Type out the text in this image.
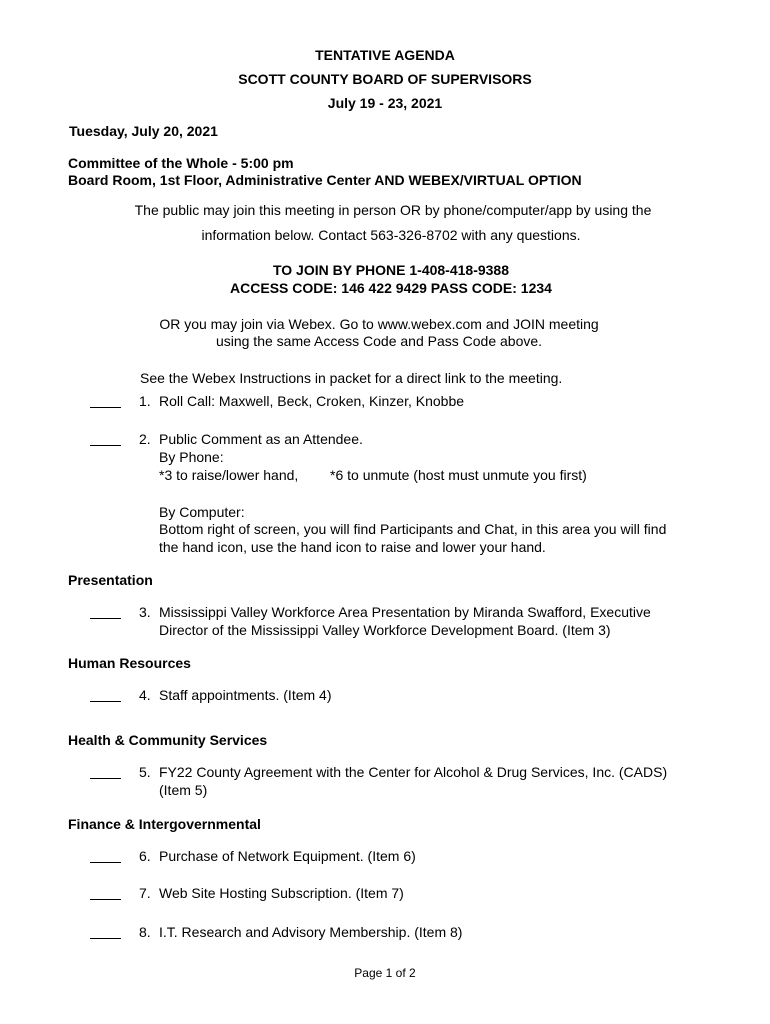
TENTATIVE AGENDA
SCOTT COUNTY BOARD OF SUPERVISORS
July 19 - 23, 2021
Tuesday, July 20, 2021
Committee of the Whole - 5:00 pm
Board Room, 1st Floor, Administrative Center AND WEBEX/VIRTUAL OPTION
The public may join this meeting in person OR by phone/computer/app by using the
information below. Contact 563-326-8702 with any questions.
TO JOIN BY PHONE 1-408-418-9388
ACCESS CODE: 146 422 9429 PASS CODE: 1234
OR you may join via Webex. Go to www.webex.com and JOIN meeting
using the same Access Code and Pass Code above.
See the Webex Instructions in packet for a direct link to the meeting.
1. Roll Call: Maxwell, Beck, Croken, Kinzer, Knobbe
2. Public Comment as an Attendee.
By Phone:
*3 to raise/lower hand, *6 to unmute (host must unmute you first)
By Computer:
Bottom right of screen, you will find Participants and Chat, in this area you will find
the hand icon, use the hand icon to raise and lower your hand.
Presentation
3. Mississippi Valley Workforce Area Presentation by Miranda Swafford, Executive
Director of the Mississippi Valley Workforce Development Board. (Item 3)
Human Resources
4. Staff appointments. (Item 4)
Health & Community Services
5. FY22 County Agreement with the Center for Alcohol & Drug Services, Inc. (CADS)
(Item 5)
Finance & Intergovernmental
6. Purchase of Network Equipment. (Item 6)
7. Web Site Hosting Subscription. (Item 7)
8. I.T. Research and Advisory Membership. (Item 8)
Page 1 of 2
